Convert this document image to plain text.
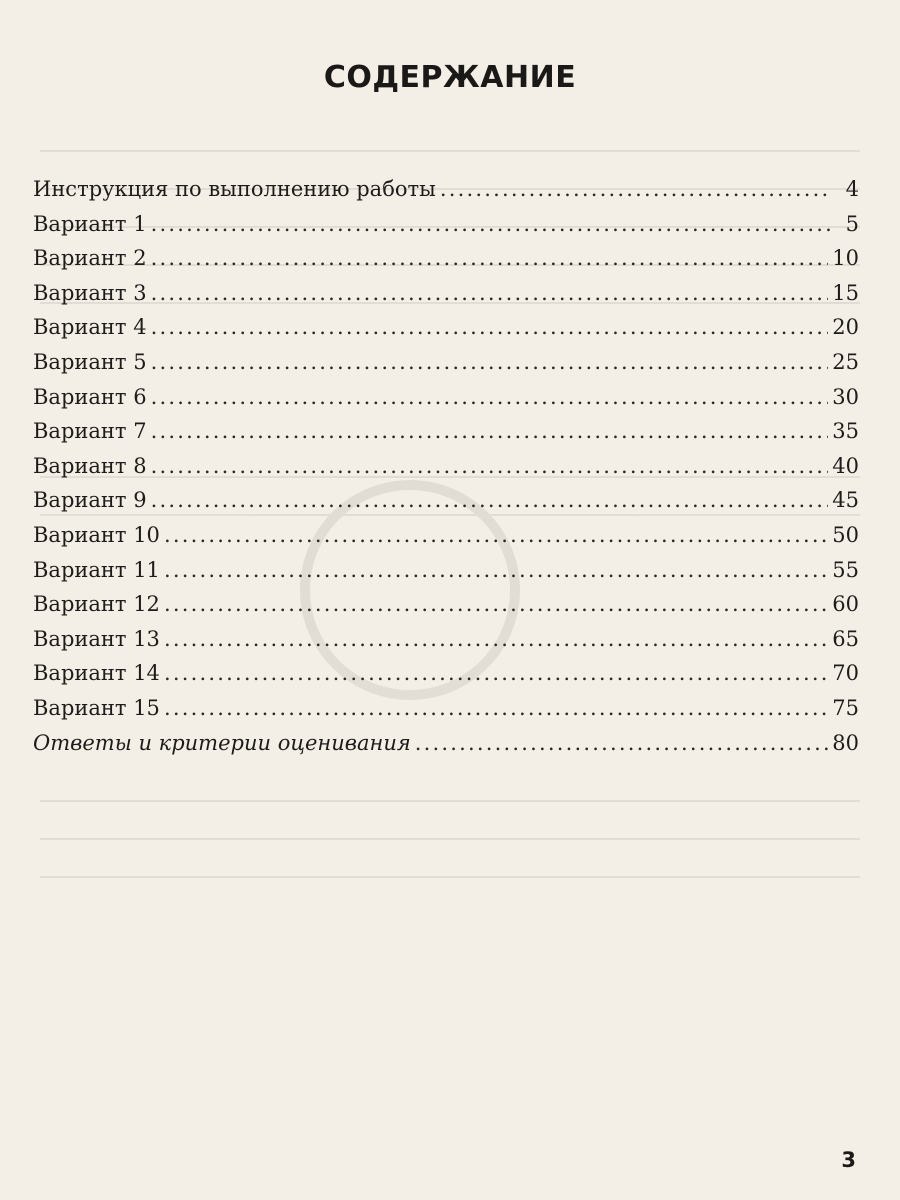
СОДЕРЖАНИЕ
Инструкция по выполнению работы .....	4
Вариант 1 .....	5
Вариант 2 .....	10
Вариант 3 .....	15
Вариант 4 .....	20
Вариант 5 .....	25
Вариант 6 .....	30
Вариант 7 .....	35
Вариант 8 .....	40
Вариант 9 .....	45
Вариант 10 .....	50
Вариант 11 .....	55
Вариант 12 .....	60
Вариант 13 .....	65
Вариант 14 .....	70
Вариант 15 .....	75
Ответы и критерии оценивания .....	80
3
